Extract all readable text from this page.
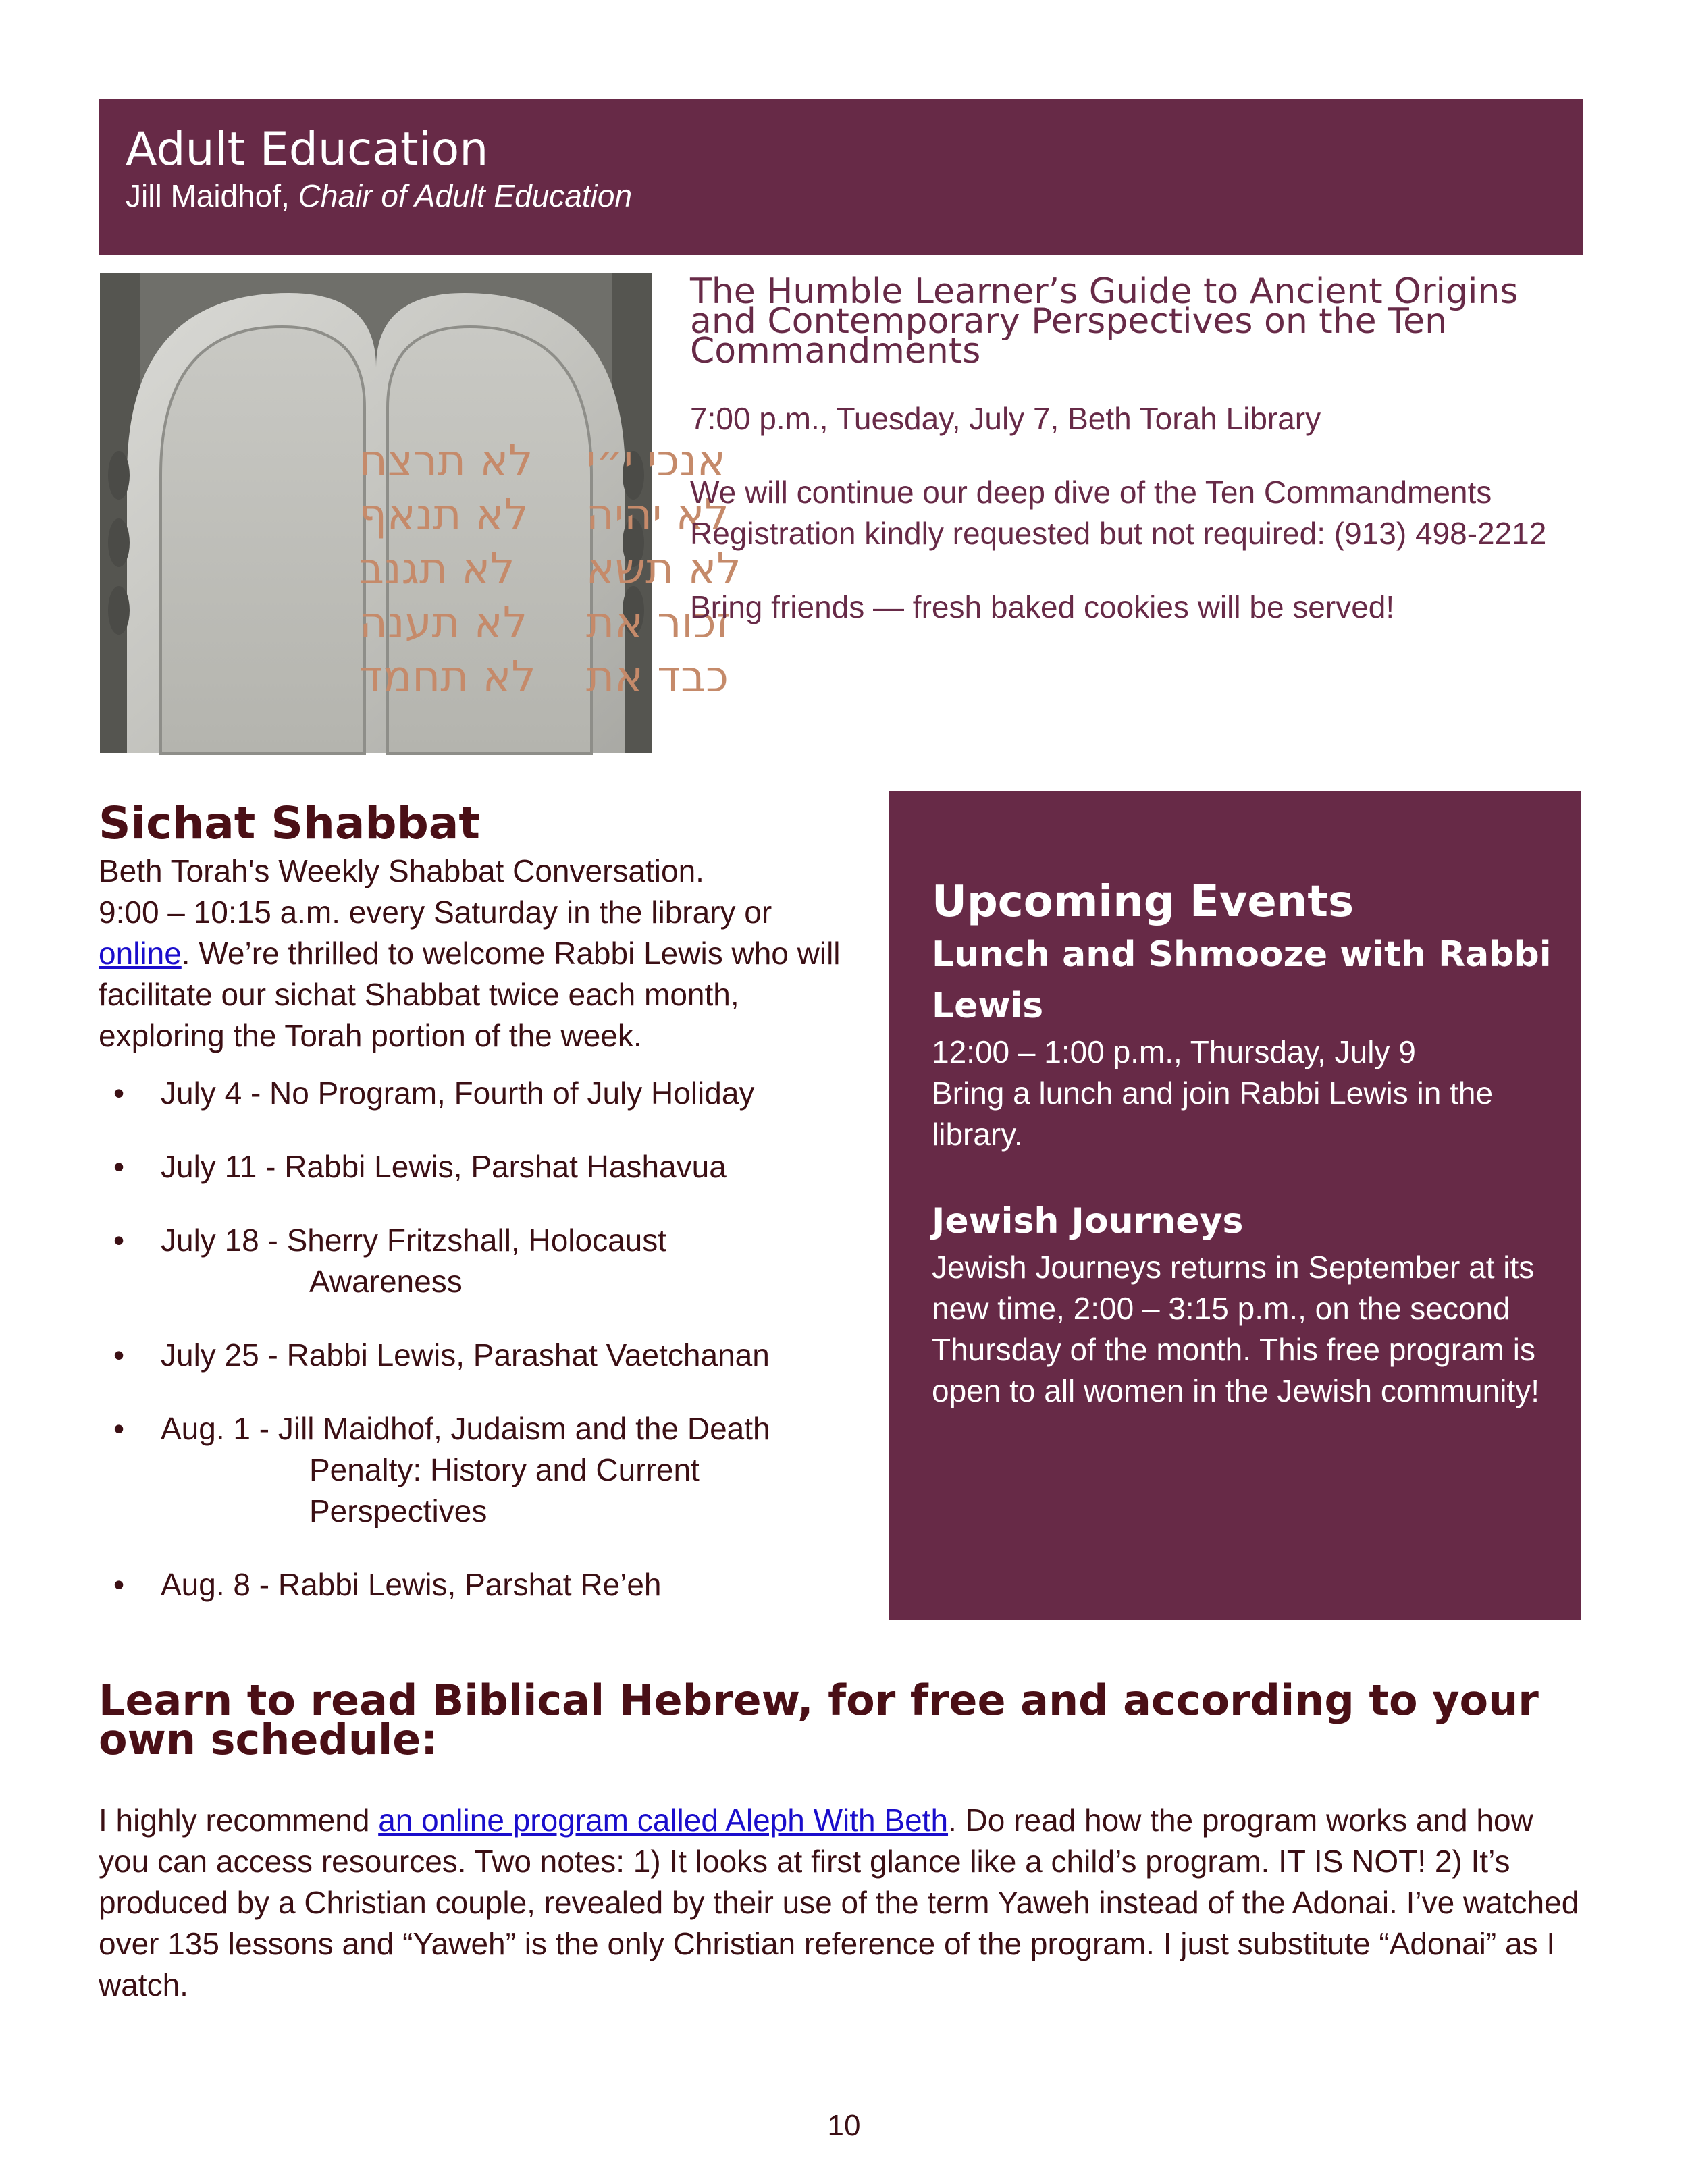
Adult Education
Jill Maidhof, Chair of Adult Education
לא תרצח
לא תנאף
לא תגנב
לא תענה
לא תחמד
אנכי י״י
לא יהיה
לא תשא
זכור את
כבד את
The Humble Learner’s Guide to Ancient Origins and Contemporary Perspectives on the Ten Commandments

7:00 p.m., Tuesday, July 7, Beth Torah Library

We will continue our deep dive of the Ten Commandments Registration kindly requested but not required: (913) 498-2212

Bring friends — fresh baked cookies will be served!

Sichat Shabbat

Beth Torah's Weekly Shabbat Conversation.
9:00 – 10:15 a.m. every Saturday in the library or
online. We’re thrilled to welcome Rabbi Lewis who will facilitate our sichat Shabbat twice each month, exploring the Torah portion of the week.

• July 4 - No Program, Fourth of July Holiday
• July 11 - Rabbi Lewis, Parshat Hashavua
• July 18 - Sherry Fritzshall, Holocaust
Awareness
• July 25 - Rabbi Lewis, Parashat Vaetchanan
• Aug. 1 - Jill Maidhof, Judaism and the Death
Penalty: History and Current Perspectives
• Aug. 8 - Rabbi Lewis, Parshat Re’eh
Upcoming Events
Lunch and Shmooze with Rabbi Lewis

12:00 – 1:00 p.m., Thursday, July 9

Bring a lunch and join Rabbi Lewis in the library.

Jewish Journeys

Jewish Journeys returns in September at its new time, 2:00 – 3:15 p.m., on the second Thursday of the month. This free program is open to all women in the Jewish community!

Learn to read Biblical Hebrew, for free and according to your own schedule:

I highly recommend an online program called Aleph With Beth. Do read how the program works and how you can access resources. Two notes: 1) It looks at first glance like a child’s program. IT IS NOT! 2) It’s produced by a Christian couple, revealed by their use of the term Yaweh instead of the Adonai. I’ve watched over 135 lessons and “Yaweh” is the only Christian reference of the program. I just substitute “Adonai” as I watch.

10
